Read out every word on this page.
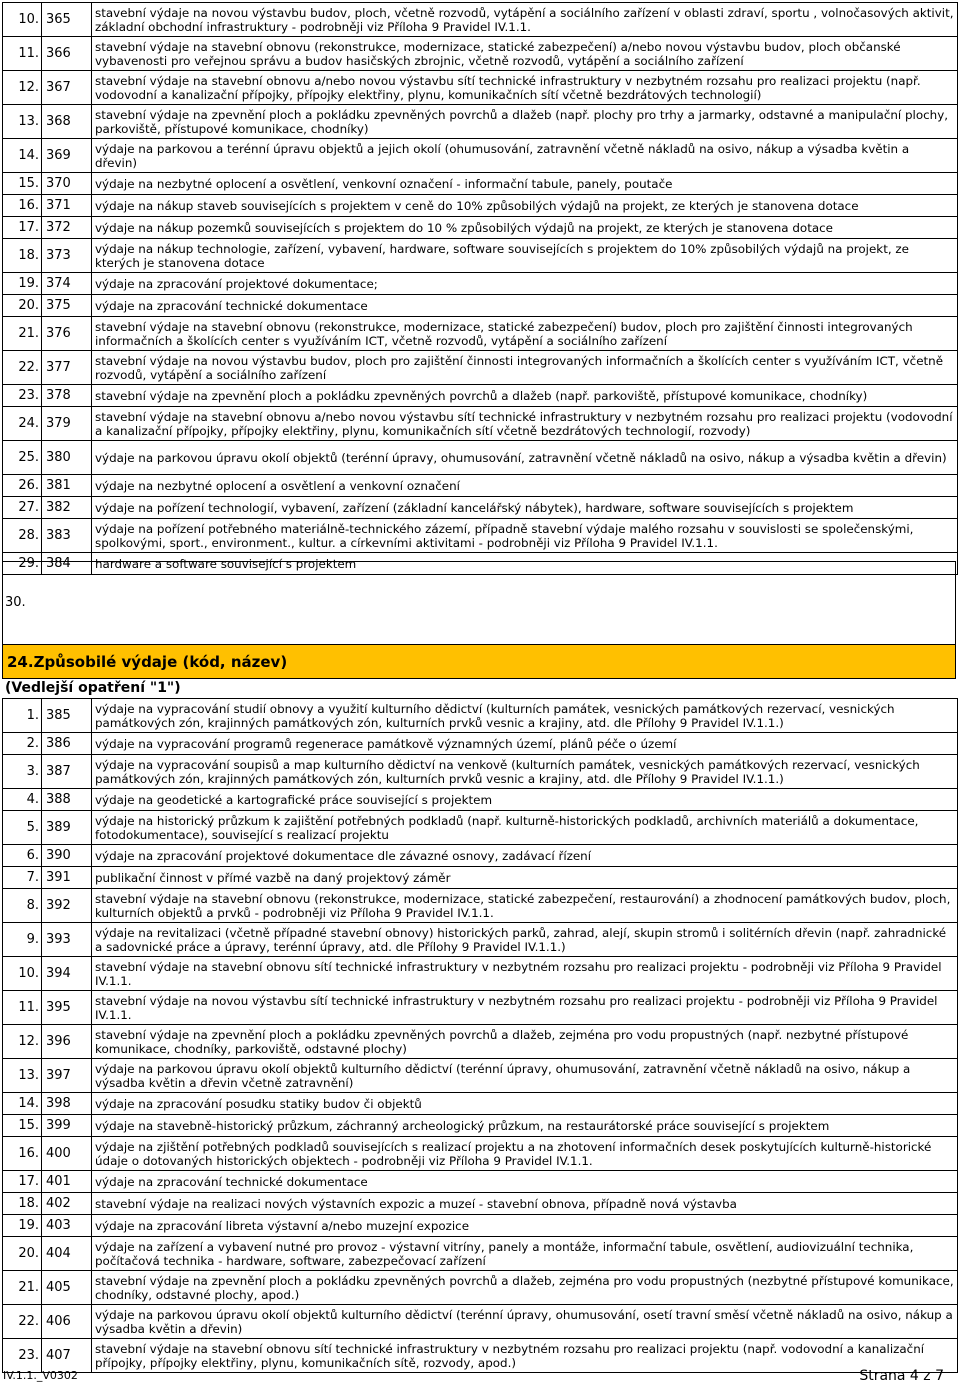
10.	365	stavební výdaje na novou výstavbu budov, ploch, včetně rozvodů, vytápění a sociálního zařízení v oblasti zdraví, sportu , volnočasových aktivit, základní obchodní infrastruktury - podrobněji viz Příloha 9 Pravidel IV.1.1.
11.	366	stavební výdaje na stavební obnovu (rekonstrukce, modernizace, statické zabezpečení) a/nebo novou výstavbu budov, ploch občanské vybavenosti pro veřejnou správu a budov hasičských zbrojnic, včetně rozvodů, vytápění a sociálního zařízení
12.	367	stavební výdaje na stavební obnovu a/nebo novou výstavbu sítí technické infrastruktury v nezbytném rozsahu pro realizaci projektu (např. vodovodní a kanalizační přípojky, přípojky elektřiny, plynu, komunikačních sítí včetně bezdrátových technologií)
13.	368	stavební výdaje na zpevnění ploch a pokládku zpevněných povrchů a dlažeb (např. plochy pro trhy a jarmarky, odstavné a manipulační plochy, parkoviště, přístupové komunikace, chodníky)
14.	369	výdaje na parkovou a terénní úpravu objektů a jejich okolí (ohumusování, zatravnění včetně nákladů na osivo, nákup a výsadba květin a dřevin)
15.	370	výdaje na nezbytné oplocení a osvětlení, venkovní označení - informační tabule, panely, poutače
16.	371	výdaje na nákup staveb souvisejících s projektem v ceně do 10% způsobilých výdajů na projekt, ze kterých je stanovena dotace
17.	372	výdaje na nákup pozemků souvisejících s projektem do 10 % způsobilých výdajů na projekt, ze kterých je stanovena dotace
18.	373	výdaje na nákup technologie, zařízení, vybavení, hardware, software souvisejících s projektem do 10% způsobilých výdajů na projekt, ze kterých je stanovena dotace
19.	374	výdaje na zpracování projektové dokumentace;
20.	375	výdaje na zpracování technické dokumentace
21.	376	stavební výdaje na stavební obnovu (rekonstrukce, modernizace, statické zabezpečení) budov, ploch pro zajištění činnosti integrovaných informačních a školících center s využíváním ICT, včetně rozvodů, vytápění a sociálního zařízení
22.	377	stavební výdaje na novou výstavbu budov, ploch pro zajištění činnosti integrovaných informačních a školících center s využíváním ICT, včetně rozvodů, vytápění a sociálního zařízení
23.	378	stavební výdaje na zpevnění ploch a pokládku zpevněných povrchů a dlažeb (např. parkoviště, přístupové komunikace, chodníky)
24.	379	stavební výdaje na stavební obnovu a/nebo novou výstavbu sítí technické infrastruktury v nezbytném rozsahu pro realizaci projektu (vodovodní a kanalizační přípojky, přípojky elektřiny, plynu, komunikačních sítí včetně bezdrátových technologií, rozvody)
25.	380	výdaje na parkovou úpravu okolí objektů (terénní úpravy, ohumusování, zatravnění včetně nákladů na osivo, nákup a výsadba květin a dřevin)
26.	381	výdaje na nezbytné oplocení a osvětlení a venkovní označení
27.	382	výdaje na pořízení technologií, vybavení, zařízení (základní kancelářský nábytek), hardware, software souvisejících s projektem
28.	383	výdaje na pořízení potřebného materiálně-technického zázemí, případně stavební výdaje malého rozsahu v souvislosti se společenskými, spolkovými, sport., environment., kultur. a církevními aktivitami - podrobněji viz Příloha 9 Pravidel IV.1.1.
29.	384	hardware a software související s projektem
30.
24.Způsobilé výdaje (kód, název)
(Vedlejší opatření "1")
1.	385	výdaje na vypracování studií obnovy a využití kulturního dědictví (kulturních památek, vesnických památkových rezervací, vesnických památkových zón, krajinných památkových zón, kulturních prvků vesnic a krajiny, atd. dle Přílohy 9 Pravidel IV.1.1.)
2.	386	výdaje na vypracování programů regenerace památkově významných území, plánů péče o území
3.	387	výdaje na vypracování soupisů a map kulturního dědictví na venkově (kulturních památek, vesnických památkových rezervací, vesnických památkových zón, krajinných památkových zón, kulturních prvků vesnic a krajiny, atd. dle Přílohy 9 Pravidel IV.1.1.)
4.	388	výdaje na geodetické a kartografické práce související s projektem
5.	389	výdaje na historický průzkum k zajištění potřebných podkladů (např. kulturně-historických podkladů, archivních materiálů a dokumentace, fotodokumentace), související s realizací projektu
6.	390	výdaje na zpracování projektové dokumentace dle závazné osnovy, zadávací řízení
7.	391	publikační činnost v přímé vazbě na daný projektový záměr
8.	392	stavební výdaje na stavební obnovu (rekonstrukce, modernizace, statické zabezpečení, restaurování) a zhodnocení památkových budov, ploch, kulturních objektů a prvků - podrobněji viz Příloha 9 Pravidel IV.1.1.
9.	393	výdaje na revitalizaci (včetně případné stavební obnovy) historických parků, zahrad, alejí, skupin stromů i solitérních dřevin (např. zahradnické a sadovnické práce a úpravy, terénní úpravy, atd. dle Přílohy 9 Pravidel IV.1.1.)
10.	394	stavební výdaje na stavební obnovu sítí technické infrastruktury v nezbytném rozsahu pro realizaci projektu - podrobněji viz Příloha 9 Pravidel IV.1.1.
11.	395	stavební výdaje na novou výstavbu sítí technické infrastruktury v nezbytném rozsahu pro realizaci projektu - podrobněji viz Příloha 9 Pravidel IV.1.1.
12.	396	stavební výdaje na zpevnění ploch a pokládku zpevněných povrchů a dlažeb, zejména pro vodu propustných (např. nezbytné přístupové komunikace, chodníky, parkoviště, odstavné plochy)
13.	397	výdaje na parkovou úpravu okolí objektů kulturního dědictví (terénní úpravy, ohumusování, zatravnění včetně nákladů na osivo, nákup a výsadba květin a dřevin včetně zatravnění)
14.	398	výdaje na zpracování posudku statiky budov či objektů
15.	399	výdaje na stavebně-historický průzkum, záchranný archeologický průzkum, na restaurátorské práce související s projektem
16.	400	výdaje na zjištění potřebných podkladů souvisejících s realizací projektu a na zhotovení informačních desek poskytujících kulturně-historické údaje o dotovaných historických objektech - podrobněji viz Příloha 9 Pravidel IV.1.1.
17.	401	výdaje na zpracování technické dokumentace
18.	402	stavební výdaje na realizaci nových výstavních expozic a muzeí - stavební obnova, případně nová výstavba
19.	403	výdaje na zpracování libreta výstavní a/nebo muzejní expozice
20.	404	výdaje na zařízení a vybavení nutné pro provoz - výstavní vitríny, panely a montáže, informační tabule, osvětlení, audiovizuální technika, počítačová technika - hardware, software, zabezpečovací zařízení
21.	405	stavební výdaje na zpevnění ploch a pokládku zpevněných povrchů a dlažeb, zejména pro vodu propustných (nezbytné přístupové komunikace, chodníky, odstavné plochy, apod.)
22.	406	výdaje na parkovou úpravu okolí objektů kulturního dědictví (terénní úpravy, ohumusování, osetí travní směsí včetně nákladů na osivo, nákup a výsadba květin a dřevin)
23.	407	stavební výdaje na stavební obnovu sítí technické infrastruktury v nezbytném rozsahu pro realizaci projektu (např. vodovodní a kanalizační přípojky, přípojky elektřiny, plynu, komunikačních sítě, rozvody, apod.)
IV.1.1._V0302	Strana 4 z 7
